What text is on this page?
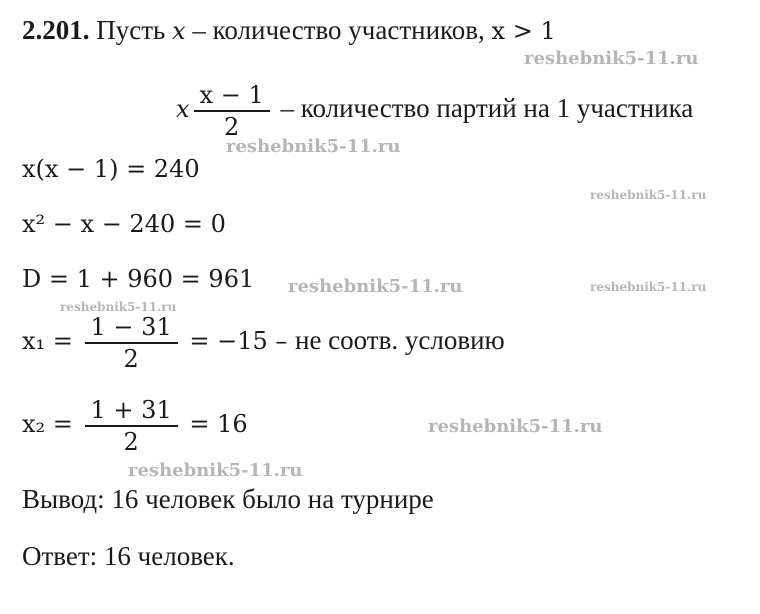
2.201. Пусть x – количество участников, x > 1
x $\frac{x - 1}{2}$ – количество партий на 1 участника
x(x − 1) = 240
x² − x − 240 = 0
D = 1 + 960 = 961
$x_1 = \frac{1 - 31}{2} = -15$ – не соотв. условию
$x_2 = \frac{1 + 31}{2} = 16$
Вывод: 16 человек было на турнире
Ответ: 16 человек.
reshebnik5-11.ru
reshebnik5-11.ru
reshebnik5-11.ru
reshebnik5-11.ru	reshebnik5-11.ru
reshebnik5-11.ru
reshebnik5-11.ru
reshebnik5-11.ru
